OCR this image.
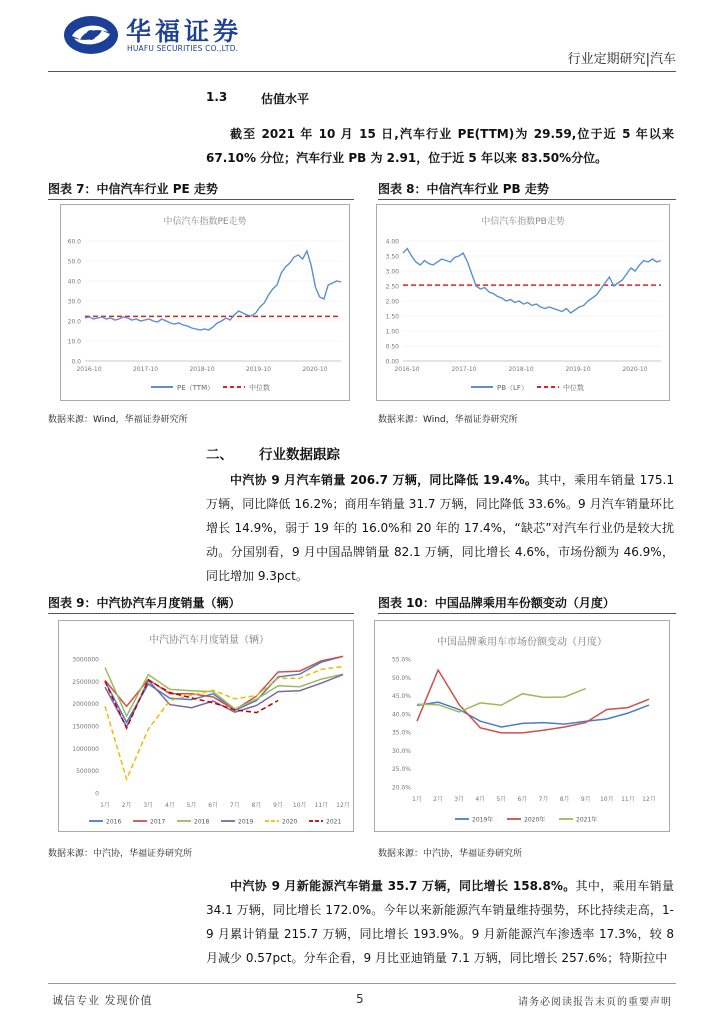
华福证券
HUAFU SECURITIES CO.,LTD.
行业定期研究|汽车
1.3	估值水平
截至 2021 年 10 月 15 日,汽车行业 PE(TTM)为 29.59,位于近 5 年以来 67.10% 分位；汽车行业 PB 为 2.91，位于近 5 年以来 83.50%分位。
图表 7：中信汽车行业 PE 走势
中信汽车指数PE走势
0.0
10.0
20.0
30.0
40.0
50.0
60.0
2016-10	2017-10	2018-10	2019-10	2020-10
PE（TTM）	中位数
数据来源：Wind，华福证券研究所
图表 8：中信汽车行业 PB 走势
中信汽车指数PB走势
0.00
0.50
1.00
1.50
2.00
2.50
3.00
3.50
4.00
2016-10	2017-10	2018-10	2019-10	2020-10
PB（LF）	中位数
数据来源：Wind，华福证券研究所
二、 行业数据跟踪
中汽协 9 月汽车销量 206.7 万辆，同比降低 19.4%。其中，乘用车销量 175.1 万辆，同比降低 16.2%；商用车销量 31.7 万辆，同比降低 33.6%。9 月汽车销量环比增长 14.9%，弱于 19 年的 16.0%和 20 年的 17.4%，“缺芯”对汽车行业仍是较大扰动。分国别看，9 月中国品牌销量 82.1 万辆，同比增长 4.6%，市场份额为 46.9%，同比增加 9.3pct。
图表 9：中汽协汽车月度销量（辆）
中汽协汽车月度销量（辆）
0
500000
1000000
1500000
2000000
2500000
3000000
1月 2月 3月 4月 5月 6月 7月 8月 9月 10月 11月 12月
2016	2017	2018	2019	2020	2021
数据来源：中汽协，华福证券研究所
图表 10：中国品牌乘用车份额变动（月度）
中国品牌乘用车市场份额变动（月度）
20.0%
25.0%
30.0%
35.0%
40.0%
45.0%
50.0%
55.0%
1月 2月 3月 4月 5月 6月 7月 8月 9月 10月 11月 12月
2019年	2020年	2021年
数据来源：中汽协，华福证券研究所
中汽协 9 月新能源汽车销量 35.7 万辆，同比增长 158.8%。其中，乘用车销量 34.1 万辆，同比增长 172.0%。今年以来新能源汽车销量维持强势，环比持续走高，1-9 月累计销量 215.7 万辆，同比增长 193.9%。9 月新能源汽车渗透率 17.3%，较 8 月减少 0.57pct。分车企看，9 月比亚迪销量 7.1 万辆，同比增长 257.6%；特斯拉中
诚信专业 发现价值	5	请务必阅读报告末页的重要声明
